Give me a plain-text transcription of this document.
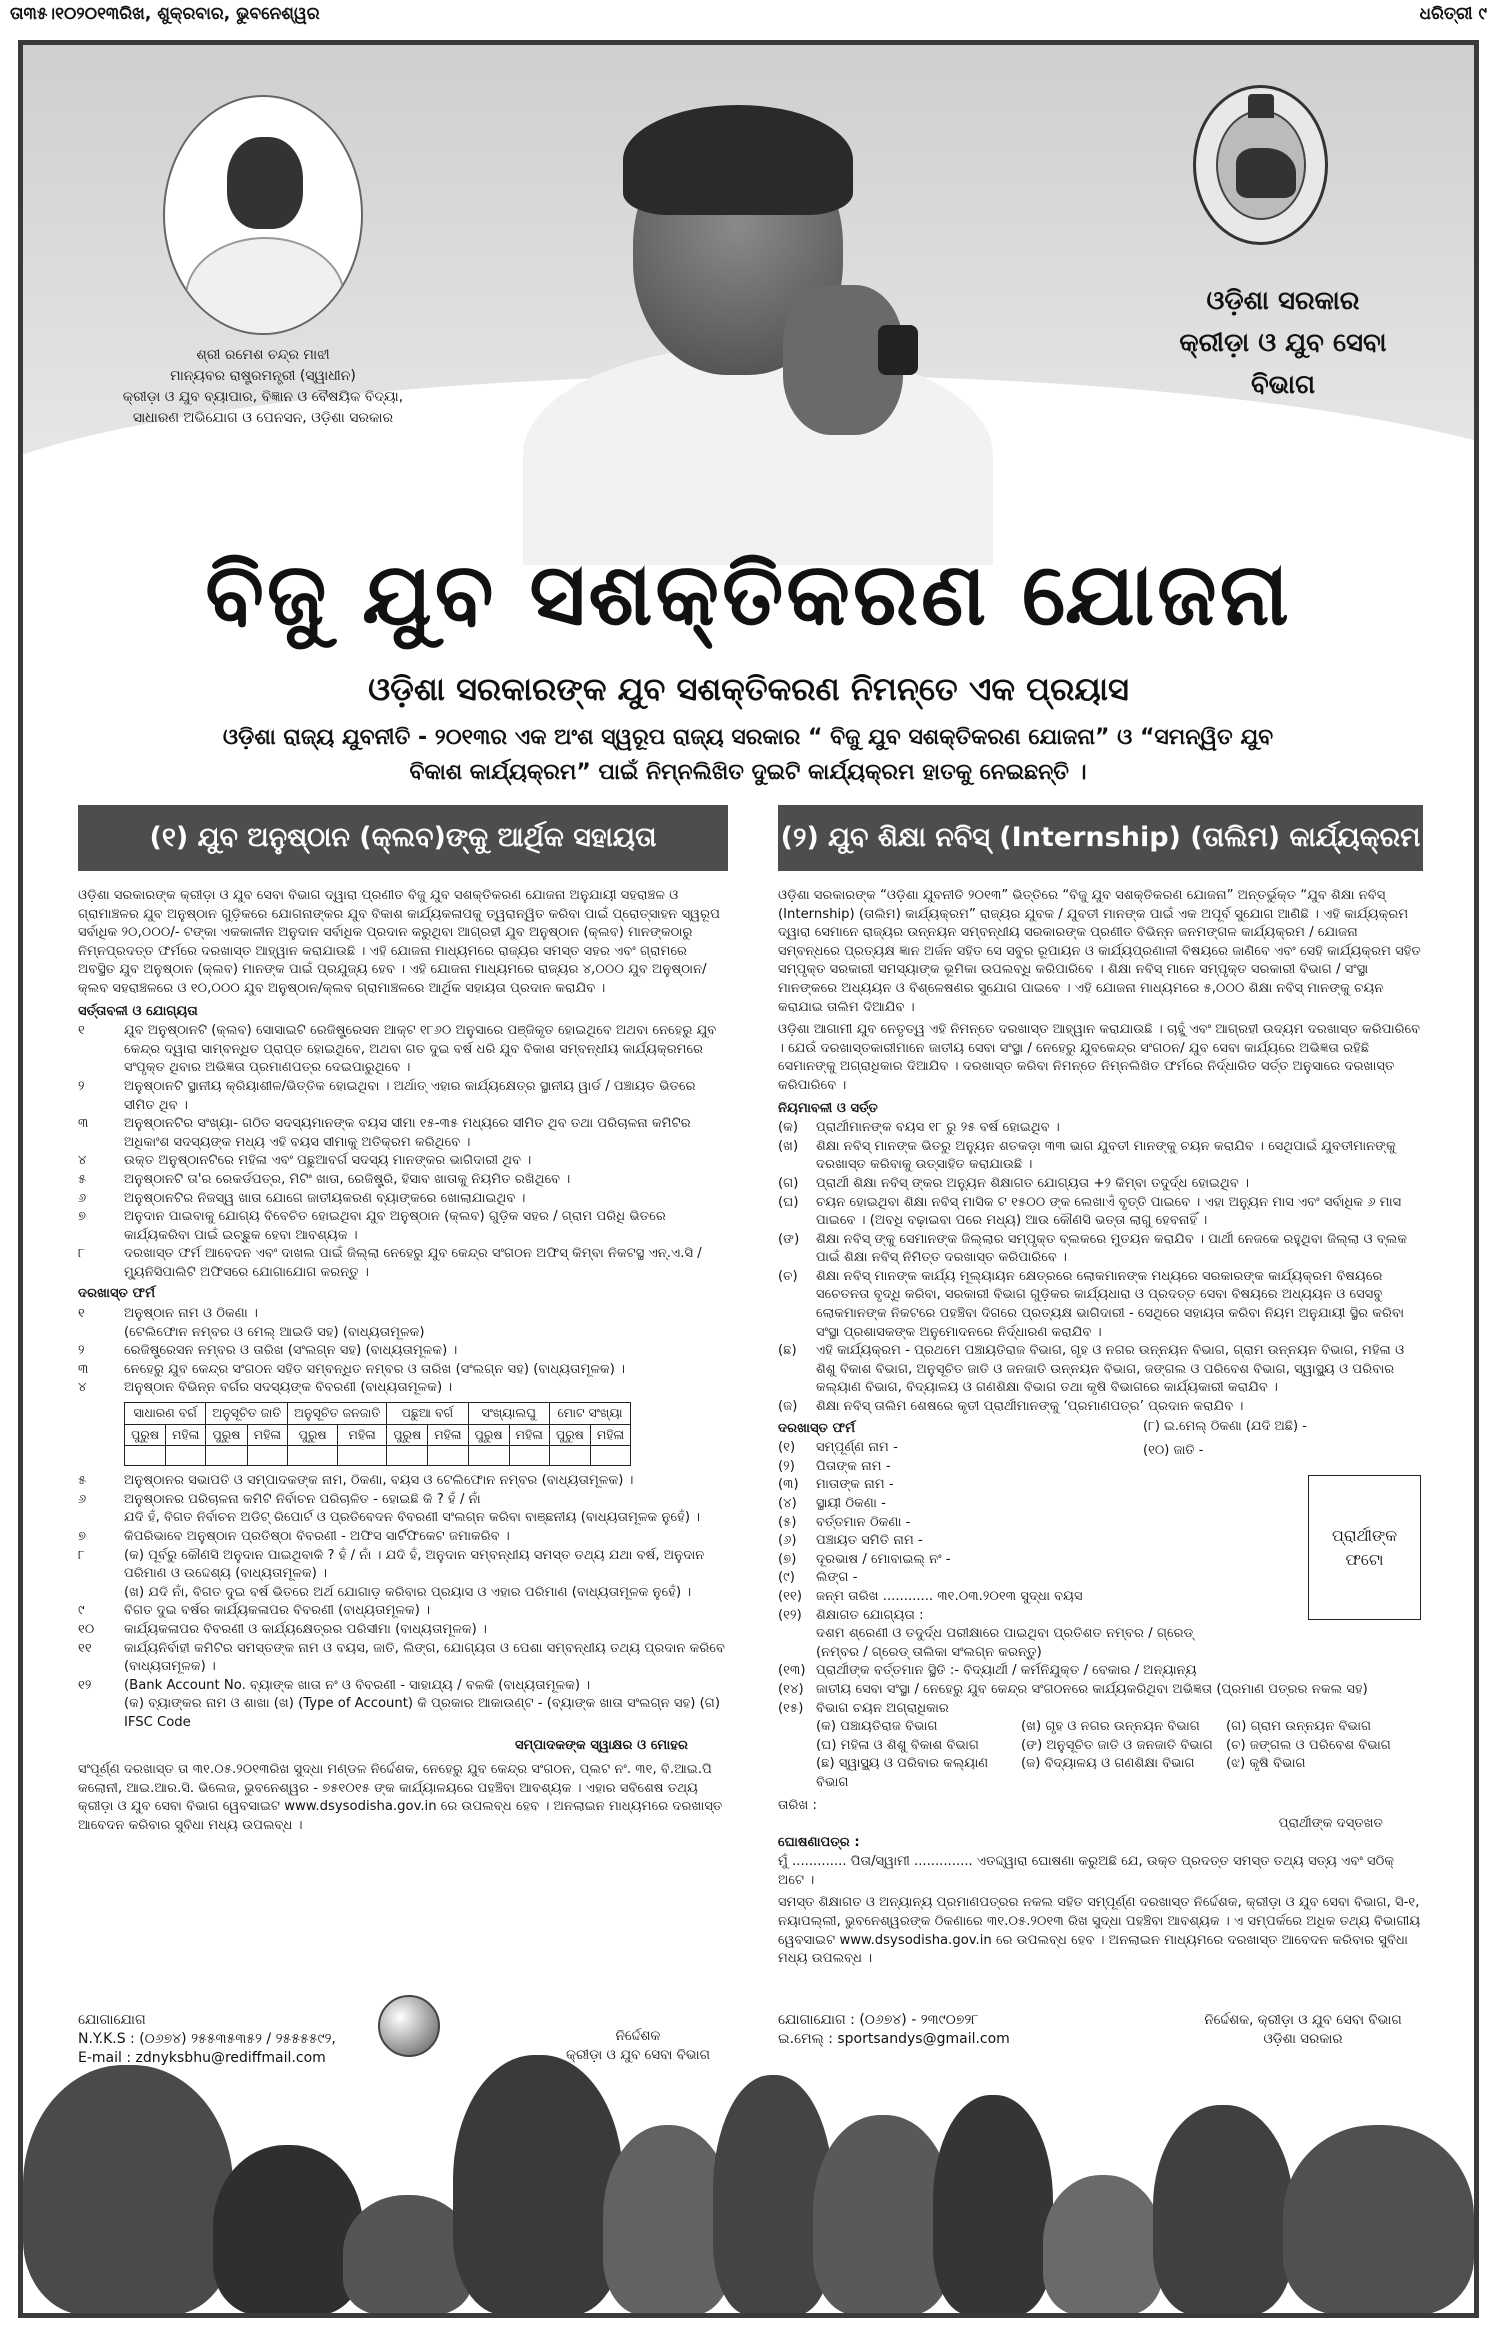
ତା୩୫।୧୦୨୦୧୩ରିଖ, ଶୁକ୍ରବାର, ଭୁବନେଶ୍ୱର	ଧରିତ୍ରୀ ୯
ଶ୍ରୀ ରମେଶ ଚନ୍ଦ୍ର ମାଝୀ
ମାନ୍ୟବର ରାଷ୍ଟ୍ରମନ୍ତ୍ରୀ (ସ୍ୱାଧୀନ)
କ୍ରୀଡ଼ା ଓ ଯୁବ ବ୍ୟାପାର, ବିଜ୍ଞାନ ଓ ବୈଷୟିକ ବିଦ୍ୟା,
ସାଧାରଣ ଅଭିଯୋଗ ଓ ପେନସନ, ଓଡ଼ିଶା ସରକାର
ଓଡ଼ିଶା ସରକାର
କ୍ରୀଡ଼ା ଓ ଯୁବ ସେବା ବିଭାଗ
ବିଜୁ ଯୁବ ସଶକ୍ତିକରଣ ଯୋଜନା
ଓଡ଼ିଶା ସରକାରଙ୍କ ଯୁବ ସଶକ୍ତିକରଣ ନିମନ୍ତେ ଏକ ପ୍ରୟାସ
ଓଡ଼ିଶା ରାଜ୍ୟ ଯୁବନୀତି - ୨୦୧୩ର ଏକ ଅଂଶ ସ୍ୱରୂପ ରାଜ୍ୟ ସରକାର “ ବିଜୁ ଯୁବ ସଶକ୍ତିକରଣ ଯୋଜନା” ଓ “ସମନ୍ୱିତ ଯୁବ ବିକାଶ କାର୍ଯ୍ୟକ୍ରମ” ପାଇଁ ନିମ୍ନଲିଖିତ ଦୁଇଟି କାର୍ଯ୍ୟକ୍ରମ ହାତକୁ ନେଇଛନ୍ତି ।
(୧) ଯୁବ ଅନୁଷ୍ଠାନ (କ୍ଲବ)ଙ୍କୁ ଆର୍ଥିକ ସହାୟତା	(୨) ଯୁବ ଶିକ୍ଷା ନବିସ୍ (Internship) (ତାଲିମ) କାର୍ଯ୍ୟକ୍ରମ
ଓଡ଼ିଶା ସରକାରଙ୍କ କ୍ରୀଡ଼ା ଓ ଯୁବ ସେବା ବିଭାଗ ଦ୍ୱାରା ପ୍ରଣୀତ ବିଜୁ ଯୁବ ସଶକ୍ତିକରଣ ଯୋଜନା ଅନୁଯାୟୀ ସହରାଞ୍ଚଳ ଓ ଗ୍ରାମାଞ୍ଚଳର ଯୁବ ଅନୁଷ୍ଠାନ ଗୁଡ଼ିକରେ ଯୋଗନାଙ୍କର ଯୁବ ବିକାଶ କାର୍ଯ୍ୟକଳାପକୁ ତ୍ୱରାନ୍ୱିତ କରିବା ପାଇଁ ପ୍ରୋତ୍ସାହନ ସ୍ୱରୂପ ସର୍ବାଧିକ ୨୦,୦୦୦/- ଟଙ୍କା ଏକକାଳୀନ ଅନୁଦାନ ସର୍ବାଧିକ ପ୍ରଦାନ କରୁଥିବା ଆଗ୍ରହୀ ଯୁବ ଅନୁଷ୍ଠାନ (କ୍ଲବ) ମାନଙ୍କଠାରୁ ନିମ୍ନପ୍ରଦତ୍ତ ଫର୍ମରେ ଦରଖାସ୍ତ ଆହ୍ୱାନ କରାଯାଉଛି । ଏହି ଯୋଜନା ମାଧ୍ୟମରେ ରାଜ୍ୟର ସମସ୍ତ ସହର ଏବଂ ଗ୍ରାମରେ ଅବସ୍ଥିତ ଯୁବ ଅନୁଷ୍ଠାନ (କ୍ଲବ) ମାନଙ୍କ ପାଇଁ ପ୍ରଯୁଜ୍ୟ ହେବ । ଏହି ଯୋଜନା ମାଧ୍ୟମରେ ରାଜ୍ୟର ୪,୦୦୦ ଯୁବ ଅନୁଷ୍ଠାନ/କ୍ଲବ ସହରାଞ୍ଚଳରେ ଓ ୧୦,୦୦୦ ଯୁବ ଅନୁଷ୍ଠାନ/କ୍ଲବ ଗ୍ରାମାଞ୍ଚଳରେ ଆର୍ଥିକ ସହାୟତା ପ୍ରଦାନ କରାଯିବ ।
ସର୍ତ୍ତାବଳୀ ଓ ଯୋଗ୍ୟତା
୧	ଯୁବ ଅନୁଷ୍ଠାନଟି (କ୍ଲବ) ସୋସାଇଟି ରେଜିଷ୍ଟ୍ରେସନ ଆକ୍ଟ ୧୮୬୦ ଅନୁସାରେ ପଞ୍ଜିକୃତ ହୋଇଥିବେ ଅଥବା ନେହେରୁ ଯୁବ କେନ୍ଦ୍ର ଦ୍ୱାରା ସାମ୍ବନ୍ଧିତ ପ୍ରାପ୍ତ ହୋଇଥିବେ, ଅଥବା ଗତ ଦୁଇ ବର୍ଷ ଧରି ଯୁବ ବିକାଶ ସମ୍ବନ୍ଧୀୟ କାର୍ଯ୍ୟକ୍ରମରେ ସଂପୃକ୍ତ ଥିବାର ଅଭିଜ୍ଞତା ପ୍ରମାଣପତ୍ର ଦେଇପାରୁଥିବେ ।
୨	ଅନୁଷ୍ଠାନଟି ସ୍ଥାନୀୟ କ୍ରିୟାଶୀଳ/ଭିତ୍ତିକ ହୋଇଥିବା । ଅର୍ଥାତ୍ ଏହାର କାର୍ଯ୍ୟକ୍ଷେତ୍ର ସ୍ଥାନୀୟ ୱାର୍ଡ / ପଞ୍ଚାୟତ ଭିତରେ ସୀମିତ ଥିବ ।
୩	ଅନୁଷ୍ଠାନଟିର ସଂଖ୍ୟା- ଗଠିତ ସଦସ୍ୟମାନଙ୍କ ବୟସ ସୀମା ୧୫-୩୫ ମଧ୍ୟରେ ସୀମିତ ଥିବ ତଥା ପରିଚାଳନା କମିଟିର ଅଧିକାଂଶ ସଦସ୍ୟଙ୍କ ମଧ୍ୟ ଏହି ବୟସ ସୀମାକୁ ଅତିକ୍ରମ କରିଥିବେ ।
୪	ଉକ୍ତ ଅନୁଷ୍ଠାନଟିରେ ମହିଳା ଏବଂ ପଛୁଆବର୍ଗ ସଦସ୍ୟ ମାନଙ୍କର ଭାଗିଦାରୀ ଥିବ ।
୫	ଅନୁଷ୍ଠାନଟି ତା'ର ରେକର୍ଡପତ୍ର, ମିଟିଂ ଖାତା, ରେଜିଷ୍ଟ୍ରି, ହିସାବ ଖାତାକୁ ନିୟମିତ ରଖିଥିବେ ।
୬	ଅନୁଷ୍ଠାନଟିର ନିଜସ୍ୱ ଖାତା ଯୋଗେ ଜାତୀୟକରଣ ବ୍ୟାଙ୍କରେ ଖୋଲାଯାଇଥିବ ।
୭	ଅନୁଦାନ ପାଇବାକୁ ଯୋଗ୍ୟ ବିବେଚିତ ହୋଇଥିବା ଯୁବ ଅନୁଷ୍ଠାନ (କ୍ଲବ) ଗୁଡ଼ିକ ସହର / ଗ୍ରାମ ପରିଧି ଭିତରେ କାର୍ଯ୍ୟକରିବା ପାଇଁ ଇଚ୍ଛୁକ ହେବା ଆବଶ୍ୟକ ।
୮	ଦରଖାସ୍ତ ଫର୍ମ ଆବେଦନ ଏବଂ ଦାଖଲ ପାଇଁ ଜିଲ୍ଲା ନେହେରୁ ଯୁବ କେନ୍ଦ୍ର ସଂଗଠନ ଅଫିସ୍ କିମ୍ବା ନିକଟସ୍ଥ ଏନ୍.ଏ.ସି / ମ୍ୟୁନିସିପାଲିଟି ଅଫିସରେ ଯୋଗାଯୋଗ କରନ୍ତୁ ।
ଦରଖାସ୍ତ ଫର୍ମ
୧	ଅନୁଷ୍ଠାନ ନାମ ଓ ଠିକଣା ।
(ଟେଲିଫୋନ ନମ୍ବର ଓ ମେଲ୍ ଆଇଡି ସହ) (ବାଧ୍ୟତାମୂଳକ)
୨	ରେଜିଷ୍ଟ୍ରେସନ ନମ୍ବର ଓ ତାରିଖ (ସଂଲଗ୍ନ ସହ) (ବାଧ୍ୟତାମୂଳକ) ।
୩	ନେହେରୁ ଯୁବ କେନ୍ଦ୍ର ସଂଗଠନ ସହିତ ସମ୍ବନ୍ଧିତ ନମ୍ବର ଓ ତାରିଖ (ସଂଲଗ୍ନ ସହ) (ବାଧ୍ୟତାମୂଳକ) ।
୪	ଅନୁଷ୍ଠାନ ବିଭିନ୍ନ ବର୍ଗର ସଦସ୍ୟଙ୍କ ବିବରଣୀ (ବାଧ୍ୟତାମୂଳକ) ।
ସାଧାରଣ ବର୍ଗ		ଅନୁସୂଚିତ ଜାତି		ଅନୁସୂଚିତ ଜନଜାତି		ପଛୁଆ ବର୍ଗ		ସଂଖ୍ୟାଲଘୁ		ମୋଟ ସଂଖ୍ୟା	
ପୁରୁଷ	ମହିଳା	ପୁରୁଷ	ମହିଳା	ପୁରୁଷ	ମହିଳା	ପୁରୁଷ	ମହିଳା	ପୁରୁଷ	ମହିଳା	ପୁରୁଷ	ମହିଳା

୫	ଅନୁଷ୍ଠାନର ସଭାପତି ଓ ସମ୍ପାଦକଙ୍କ ନାମ, ଠିକଣା, ବୟସ ଓ ଟେଲିଫୋନ ନମ୍ବର (ବାଧ୍ୟତାମୂଳକ) ।
୬	ଅନୁଷ୍ଠାନର ପରିଚାଳନା କମିଟି ନିର୍ବାଚନ ପରିଚାଳିତ - ହୋଇଛି କି ? ହଁ / ନାଁ
ଯଦି ହଁ, ବିଗତ ନିର୍ବାଚନ ଅଡିଟ୍ ରିପୋର୍ଟ ଓ ପ୍ରତିବେଦନ ବିବରଣୀ ସଂଲଗ୍ନ କରିବା ବାଞ୍ଛନୀୟ (ବାଧ୍ୟତାମୂଳକ ନୁହେଁ) ।
୭	କିପରିଭାବେ ଅନୁଷ୍ଠାନ ପ୍ରତିଷ୍ଠା ବିବରଣୀ - ଅଫିସ ସାର୍ଟିଫିକେଟ ଜମାକରିବ ।
୮	(କ) ପୂର୍ବରୁ କୌଣସି ଅନୁଦାନ ପାଇଥିବାକି ? ହଁ / ନାଁ । ଯଦି ହଁ, ଅନୁଦାନ ସମ୍ବନ୍ଧୀୟ ସମସ୍ତ ତଥ୍ୟ ଯଥା ବର୍ଷ, ଅନୁଦାନ ପରିମାଣ ଓ ଉଦ୍ଦେଶ୍ୟ (ବାଧ୍ୟତାମୂଳକ) ।
(ଖ) ଯଦି ନାଁ, ବିଗତ ଦୁଇ ବର୍ଷ ଭିତରେ ଅର୍ଥ ଯୋଗାଡ଼ କରିବାର ପ୍ରୟାସ ଓ ଏହାର ପରିମାଣ (ବାଧ୍ୟତାମୂଳକ ନୁହେଁ) ।
୯	ବିଗତ ଦୁଇ ବର୍ଷର କାର୍ଯ୍ୟକଳାପର ବିବରଣୀ (ବାଧ୍ୟତାମୂଳକ) ।
୧୦	କାର୍ଯ୍ୟକଳାପର ବିବରଣୀ ଓ କାର୍ଯ୍ୟକ୍ଷେତ୍ରର ପରିସୀମା (ବାଧ୍ୟତାମୂଳକ) ।
୧୧	କାର୍ଯ୍ୟନିର୍ବାହୀ କମିଟିର ସମସ୍ତଙ୍କ ନାମ ଓ ବୟସ, ଜାତି, ଲିଙ୍ଗ, ଯୋଗ୍ୟତା ଓ ପେଶା ସମ୍ବନ୍ଧୀୟ ତଥ୍ୟ ପ୍ରଦାନ କରିବେ (ବାଧ୍ୟତାମୂଳକ) ।
୧୨	(Bank Account No. ବ୍ୟାଙ୍କ ଖାତା ନଂ ଓ ବିବରଣୀ - ସାହାଯ୍ୟ / ବଳକି (ବାଧ୍ୟତାମୂଳକ) ।
(କ) ବ୍ୟାଙ୍କର ନାମ ଓ ଶାଖା (ଖ) (Type of Account) କି ପ୍ରକାର ଆକାଉଣ୍ଟ - (ବ୍ୟାଙ୍କ ଖାତା ସଂଲଗ୍ନ ସହ) (ଗ) IFSC Code
ସମ୍ପାଦକଙ୍କ ସ୍ୱାକ୍ଷର ଓ ମୋହର
ସଂପୂର୍ଣ୍ଣ ଦରଖାସ୍ତ ତା ୩୧.୦୫.୨୦୧୩ରିଖ ସୁଦ୍ଧା ମଣ୍ଡଳ ନିର୍ଦ୍ଦେଶକ, ନେହେରୁ ଯୁବ କେନ୍ଦ୍ର ସଂଗଠନ, ପ୍ଲଟ ନଂ. ୩୧, ବି.ଆଇ.ପି କଲୋନୀ, ଆଇ.ଆର.ସି. ଭିଲେଜ, ଭୁବନେଶ୍ୱର - ୭୫୧୦୧୫ ଙ୍କ କାର୍ଯ୍ୟାଳୟରେ ପହଞ୍ଚିବା ଆବଶ୍ୟକ । ଏହାର ସବିଶେଷ ତଥ୍ୟ କ୍ରୀଡ଼ା ଓ ଯୁବ ସେବା ବିଭାଗ ୱେବସାଇଟ www.dsysodisha.gov.in ରେ ଉପଲବ୍ଧ ହେବ । ଅନଲାଇନ ମାଧ୍ୟମରେ ଦରଖାସ୍ତ ଆବେଦନ କରିବାର ସୁବିଧା ମଧ୍ୟ ଉପଲବ୍ଧ ।
ଯୋଗାଯୋଗ
N.Y.K.S : (୦୬୭୪) ୨୫୫୩୫୩୫୨ / ୨୫୫୫୫୯୨,
E-mail : zdnyksbhu@rediffmail.com
ନିର୍ଦ୍ଦେଶକ
କ୍ରୀଡ଼ା ଓ ଯୁବ ସେବା ବିଭାଗ
ଓଡ଼ିଶା ସରକାରଙ୍କ “ଓଡ଼ିଶା ଯୁବନୀତି ୨୦୧୩” ଭିତ୍ତିରେ “ବିଜୁ ଯୁବ ସଶକ୍ତିକରଣ ଯୋଜନା” ଅନ୍ତର୍ଭୁକ୍ତ “ଯୁବ ଶିକ୍ଷା ନବିସ୍ (Internship) (ତାଲିମ) କାର୍ଯ୍ୟକ୍ରମ” ରାଜ୍ୟର ଯୁବକ / ଯୁବତୀ ମାନଙ୍କ ପାଇଁ ଏକ ଅପୂର୍ବ ସୁଯୋଗ ଆଣିଛି । ଏହି କାର୍ଯ୍ୟକ୍ରମ ଦ୍ୱାରା ସେମାନେ ରାଜ୍ୟର ଉନ୍ନୟନ ସମ୍ବନ୍ଧୀୟ ସରକାରଙ୍କ ପ୍ରଣୀତ ବିଭିନ୍ନ ଜନମଙ୍ଗଳ କାର୍ଯ୍ୟକ୍ରମ / ଯୋଜନା ସମ୍ବନ୍ଧରେ ପ୍ରତ୍ୟକ୍ଷ ଜ୍ଞାନ ଅର୍ଜନ ସହିତ ସେ ସବୁର ରୂପାୟନ ଓ କାର୍ଯ୍ୟପ୍ରଣାଳୀ ବିଷୟରେ ଜାଣିବେ ଏବଂ ସେହି କାର୍ଯ୍ୟକ୍ରମ ସହିତ ସମ୍ପୃକ୍ତ ସରକାରୀ ସମସ୍ୟାଙ୍କ ଭୂମିକା ଉପଲବ୍ଧି କରିପାରିବେ । ଶିକ୍ଷା ନବିସ୍ ମାନେ ସମ୍ପୃକ୍ତ ସରକାରୀ ବିଭାଗ / ସଂସ୍ଥା ମାନଙ୍କରେ ଅଧ୍ୟୟନ ଓ ବିଶ୍ଳେଷଣର ସୁଯୋଗ ପାଇବେ । ଏହି ଯୋଜନା ମାଧ୍ୟମରେ ୫,୦୦୦ ଶିକ୍ଷା ନବିସ୍ ମାନଙ୍କୁ ଚୟନ କରାଯାଇ ତାଲିମ ଦିଆଯିବ ।
ଓଡ଼ିଶା ଆଗାମୀ ଯୁବ ନେତୃତ୍ୱ ଏହି ନିମନ୍ତେ ଦରଖାସ୍ତ ଆହ୍ୱାନ କରାଯାଉଛି । ଚାହୁଁ ଏବଂ ଆଗ୍ରହୀ ଉଦ୍ୟମ ଦରଖାସ୍ତ କରିପାରିବେ । ଯେଉଁ ଦରଖାସ୍ତକାରୀମାନେ ଜାତୀୟ ସେବା ସଂସ୍ଥା / ନେହେରୁ ଯୁବକେନ୍ଦ୍ର ସଂଗଠନ/ ଯୁବ ସେବା କାର୍ଯ୍ୟରେ ଅଭିଜ୍ଞତା ରହିଛି ସେମାନଙ୍କୁ ଅଗ୍ରାଧିକାର ଦିଆଯିବ । ଦରଖାସ୍ତ କରିବା ନିମନ୍ତେ ନିମ୍ନଲିଖିତ ଫର୍ମରେ ନିର୍ଦ୍ଧାରିତ ସର୍ତ୍ତ ଅନୁସାରେ ଦରଖାସ୍ତ କରିପାରିବେ ।
ନିୟମାବଳୀ ଓ ସର୍ତ୍ତ
(କ)	ପ୍ରାର୍ଥୀମାନଙ୍କ ବୟସ ୧୮ ରୁ ୨୫ ବର୍ଷ ହୋଇଥିବ ।
(ଖ)	ଶିକ୍ଷା ନବିସ୍ ମାନଙ୍କ ଭିତରୁ ଅନ୍ୟୁନ ଶତକଡ଼ା ୩୩ ଭାଗ ଯୁବତୀ ମାନଙ୍କୁ ଚୟନ କରାଯିବ । ସେଥିପାଇଁ ଯୁବତୀମାନଙ୍କୁ ଦରଖାସ୍ତ କରିବାକୁ ଉତ୍ସାହିତ କରାଯାଉଛି ।
(ଗ)	ପ୍ରାର୍ଥୀ ଶିକ୍ଷା ନବିସ୍ ଙ୍କର ଅନ୍ୟୁନ ଶିକ୍ଷାଗତ ଯୋଗ୍ୟତା +୨ କିମ୍ବା ତଦୁର୍ଦ୍ଧ ହୋଇଥିବ ।
(ଘ)	ଚୟନ ହୋଇଥିବା ଶିକ୍ଷା ନବିସ୍ ମାସିକ ଟ ୧୫୦୦ ଙ୍କ ଲେଖାଏଁ ବୃତ୍ତି ପାଇବେ । ଏହା ଅନ୍ୟୁନ ମାସ ଏବଂ ସର୍ବାଧିକ ୬ ମାସ ପାଇବେ । (ଅବଧି ବଢ଼ାଇବା ପରେ ମଧ୍ୟ) ଆଉ କୌଣସି ଭତ୍ତା ଲାଗୁ ହେବନାହିଁ ।
(ଙ)	ଶିକ୍ଷା ନବିସ୍ ଙ୍କୁ ସେମାନଙ୍କ ଜିଲ୍ଲାର ସମ୍ପୃକ୍ତ ବ୍ଲକରେ ମୁତୟନ କରାଯିବ । ପାର୍ଥୀ ନେଜକେ ରହୁଥିବା ଜିଲ୍ଲା ଓ ବ୍ଲକ ପାଇଁ ଶିକ୍ଷା ନବିସ୍ ନିମିତ୍ତ ଦରଖାସ୍ତ କରିପାରିବେ ।
(ଚ)	ଶିକ୍ଷା ନବିସ୍ ମାନଙ୍କ କାର୍ଯ୍ୟ ମୂଲ୍ୟାୟନ କ୍ଷେତ୍ରରେ ଲୋକମାନଙ୍କ ମଧ୍ୟରେ ସରକାରଙ୍କ କାର୍ଯ୍ୟକ୍ରମ ବିଷୟରେ ସଚେତନତା ବୃଦ୍ଧି କରିବା, ସରକାରୀ ବିଭାଗ ଗୁଡ଼ିକର କାର୍ଯ୍ୟଧାରା ଓ ପ୍ରଦତ୍ତ ସେବା ବିଷୟରେ ଅଧ୍ୟୟନ ଓ ସେସବୁ ଲୋକମାନଙ୍କ ନିକଟରେ ପହଞ୍ଚିବା ଦିଗରେ ପ୍ରତ୍ୟକ୍ଷ ଭାଗିଦାରୀ - ସେଥିରେ ସହାୟତା କରିବା ନିୟମ ଅନୁଯାୟୀ ସ୍ଥିର କରିବା ସଂସ୍ଥା ପ୍ରଶାସକଙ୍କ ଅନୁମୋଦନରେ ନିର୍ଦ୍ଧାରଣ କରାଯିବ ।
(ଛ)	ଏହି କାର୍ଯ୍ୟକ୍ରମ - ପ୍ରଥମେ ପଞ୍ଚାୟତିରାଜ ବିଭାଗ, ଗୃହ ଓ ନଗର ଉନ୍ନୟନ ବିଭାଗ, ଗ୍ରାମ ଉନ୍ନୟନ ବିଭାଗ, ମହିଳା ଓ ଶିଶୁ ବିକାଶ ବିଭାଗ, ଅନୁସୂଚିତ ଜାତି ଓ ଜନଜାତି ଉନ୍ନୟନ ବିଭାଗ, ଜଙ୍ଗଲ ଓ ପରିବେଶ ବିଭାଗ, ସ୍ୱାସ୍ଥ୍ୟ ଓ ପରିବାର କଲ୍ୟାଣ ବିଭାଗ, ବିଦ୍ୟାଳୟ ଓ ଗଣଶିକ୍ଷା ବିଭାଗ ତଥା କୃଷି ବିଭାଗରେ କାର୍ଯ୍ୟକାରୀ କରାଯିବ ।
(ଜ)	ଶିକ୍ଷା ନବିସ୍ ତାଲିମ ଶେଷରେ କୃତୀ ପ୍ରାର୍ଥୀମାନଙ୍କୁ ‘ପ୍ରମାଣପତ୍ର’ ପ୍ରଦାନ କରାଯିବ ।
ଦରଖାସ୍ତ ଫର୍ମ
(୧)	ସମ୍ପୂର୍ଣ୍ଣ ନାମ -
(୨)	ପିତାଙ୍କ ନାମ -
(୩)	ମାତାଙ୍କ ନାମ -
(୪)	ସ୍ଥାୟୀ ଠିକଣା -
(୫)	ବର୍ତ୍ତମାନ ଠିକଣା -
(୬)	ପଞ୍ଚାୟତ ସମିତି ନାମ -
(୭)	ଦୂରଭାଷ / ମୋବାଇଲ୍ ନଂ -
(୯)	ଲିଙ୍ଗ -
(୧୧)	ଜନ୍ମ ତାରିଖ ............ ୩୧.୦୩.୨୦୧୩ ସୁଦ୍ଧା ବୟସ
(୧୨)	ଶିକ୍ଷାଗତ ଯୋଗ୍ୟତା :
ଦଶମ ଶ୍ରେଣୀ ଓ ତଦୁର୍ଦ୍ଧ ପରୀକ୍ଷାରେ ପାଇଥିବା ପ୍ରତିଶତ ନମ୍ବର / ଗ୍ରେଡ୍
(ନମ୍ବର / ଗ୍ରେଡ୍ ତାଲିକା ସଂଲଗ୍ନ କରନ୍ତୁ)
(୧୩) ପ୍ରାର୍ଥୀଙ୍କ ବର୍ତ୍ତମାନ ସ୍ଥିତି :- ବିଦ୍ୟାର୍ଥୀ / କର୍ମନିଯୁକ୍ତ / ବେକାର / ଅନ୍ୟାନ୍ୟ
(୧୪) ଜାତୀୟ ସେବା ସଂସ୍ଥା / ନେହେରୁ ଯୁବ କେନ୍ଦ୍ର ସଂଗଠନରେ କାର୍ଯ୍ୟକରିଥିବା ଅଭିଜ୍ଞତା (ପ୍ରମାଣ ପତ୍ରର ନକଲ ସହ)
(୧୫) ବିଭାଗ ଚୟନ ଅଗ୍ରାଧିକାର
(କ) ପଞ୍ଚାୟତିରାଜ ବିଭାଗ	(ଖ) ଗୃହ ଓ ନଗର ଉନ୍ନୟନ ବିଭାଗ	(ଗ) ଗ୍ରାମ ଉନ୍ନୟନ ବିଭାଗ
(ଘ) ମହିଳା ଓ ଶିଶୁ ବିକାଶ ବିଭାଗ	(ଙ) ଅନୁସୂଚିତ ଜାତି ଓ ଜନଜାତି ବିଭାଗ (ଚ) ଜଙ୍ଗଲ ଓ ପରିବେଶ ବିଭାଗ
(ଛ) ସ୍ୱାସ୍ଥ୍ୟ ଓ ପରିବାର କଲ୍ୟାଣ ବିଭାଗ
(ଜ) ବିଦ୍ୟାଳୟ ଓ ଗଣଶିକ୍ଷା ବିଭାଗ	(ଝ) କୃଷି ବିଭାଗ
ତାରିଖ :
ପ୍ରାର୍ଥୀଙ୍କ ଦସ୍ତଖତ
ଘୋଷଣାପତ୍ର :
ମୁଁ ............. ପିତା/ସ୍ୱାମୀ .............. ଏତଦ୍ଦ୍ୱାରା ଘୋଷଣା କରୁଅଛି ଯେ, ଉକ୍ତ ପ୍ରଦତ୍ତ ସମସ୍ତ ତଥ୍ୟ ସତ୍ୟ ଏବଂ ସଠିକ୍ ଅଟେ ।
ସମସ୍ତ ଶିକ୍ଷାଗତ ଓ ଅନ୍ୟାନ୍ୟ ପ୍ରମାଣପତ୍ରର ନକଲ ସହିତ ସମ୍ପୂର୍ଣ୍ଣ ଦରଖାସ୍ତ ନିର୍ଦ୍ଦେଶକ, କ୍ରୀଡ଼ା ଓ ଯୁବ ସେବା ବିଭାଗ, ସି-୧, ନୟାପଲ୍ଲୀ, ଭୁବନେଶ୍ୱରଙ୍କ ଠିକଣାରେ ୩୧.୦୫.୨୦୧୩ ରିଖ ସୁଦ୍ଧା ପହଞ୍ଚିବା ଆବଶ୍ୟକ । ଏ ସମ୍ପର୍କରେ ଅଧିକ ତଥ୍ୟ ବିଭାଗୀୟ ୱେବସାଇଟ www.dsysodisha.gov.in ରେ ଉପଲବ୍ଧ ହେବ । ଅନଲାଇନ ମାଧ୍ୟମରେ ଦରଖାସ୍ତ ଆବେଦନ କରିବାର ସୁବିଧା ମଧ୍ୟ ଉପଲବ୍ଧ ।
(୮) ଇ.ମେଲ୍ ଠିକଣା (ଯଦି ଅଛି) -
(୧୦) ଜାତି -
ପ୍ରାର୍ଥୀଙ୍କ
ଫଟୋ
ଯୋଗାଯୋଗ : (୦୬୭୪) - ୨୩୯୦୭୨୮
ଇ.ମେଲ୍ : sportsandys@gmail.com
ନିର୍ଦ୍ଦେଶକ, କ୍ରୀଡ଼ା ଓ ଯୁବ ସେବା ବିଭାଗ
ଓଡ଼ିଶା ସରକାର
